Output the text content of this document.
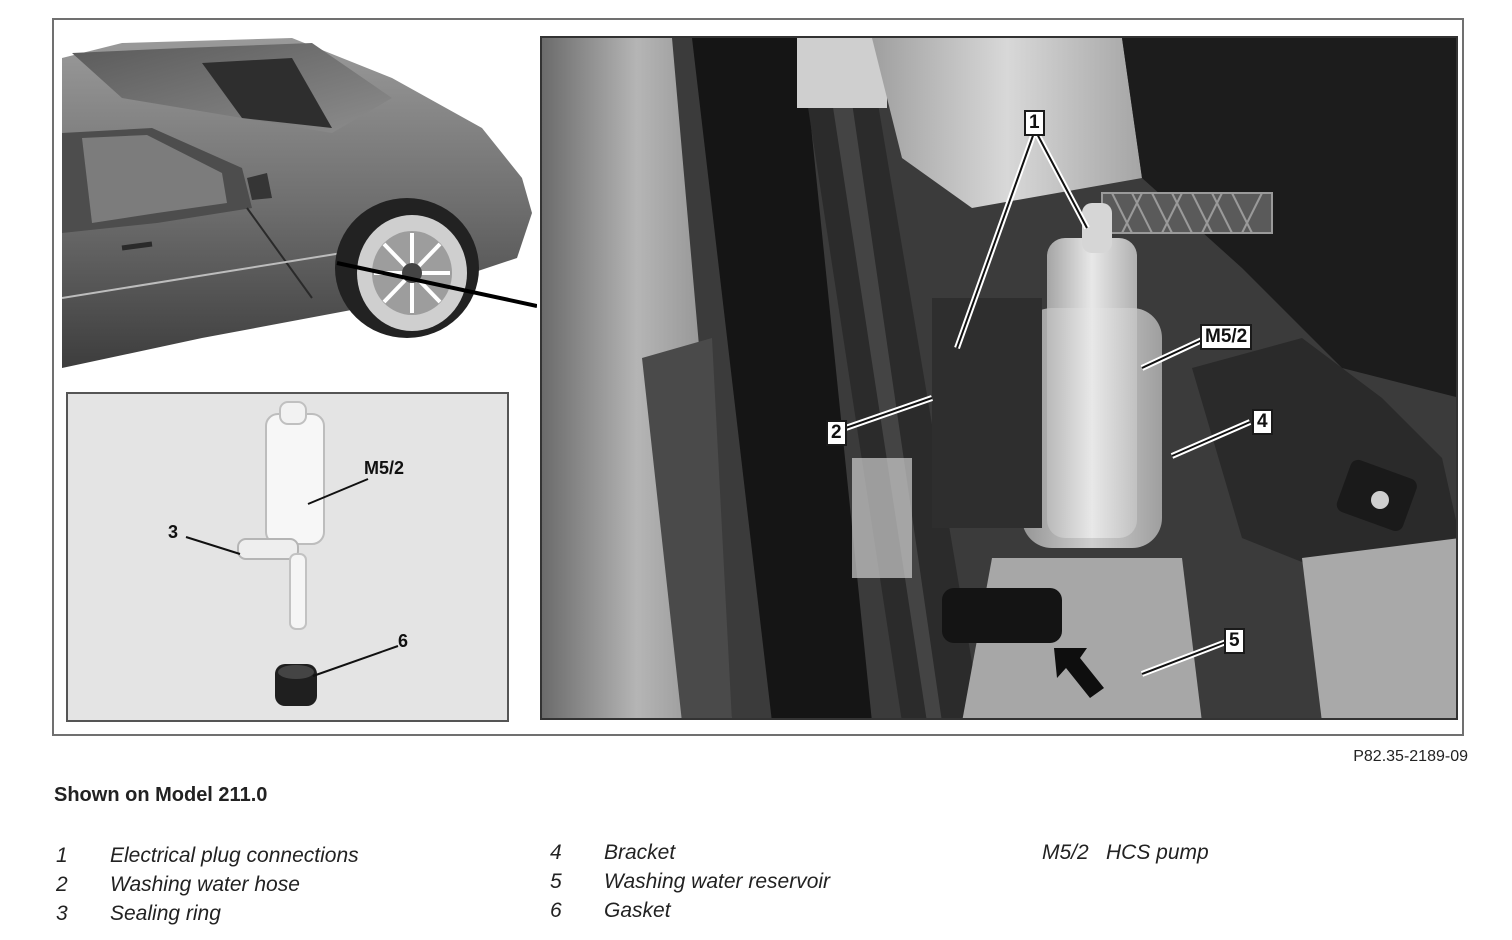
M5/2
3
6
1
2
M5/2
4
5
P82.35-2189-09
Shown on Model 211.0
1 Electrical plug connections
2 Washing water hose
3 Sealing ring
4 Bracket
5 Washing water reservoir
6 Gasket
M5/2 HCS pump
